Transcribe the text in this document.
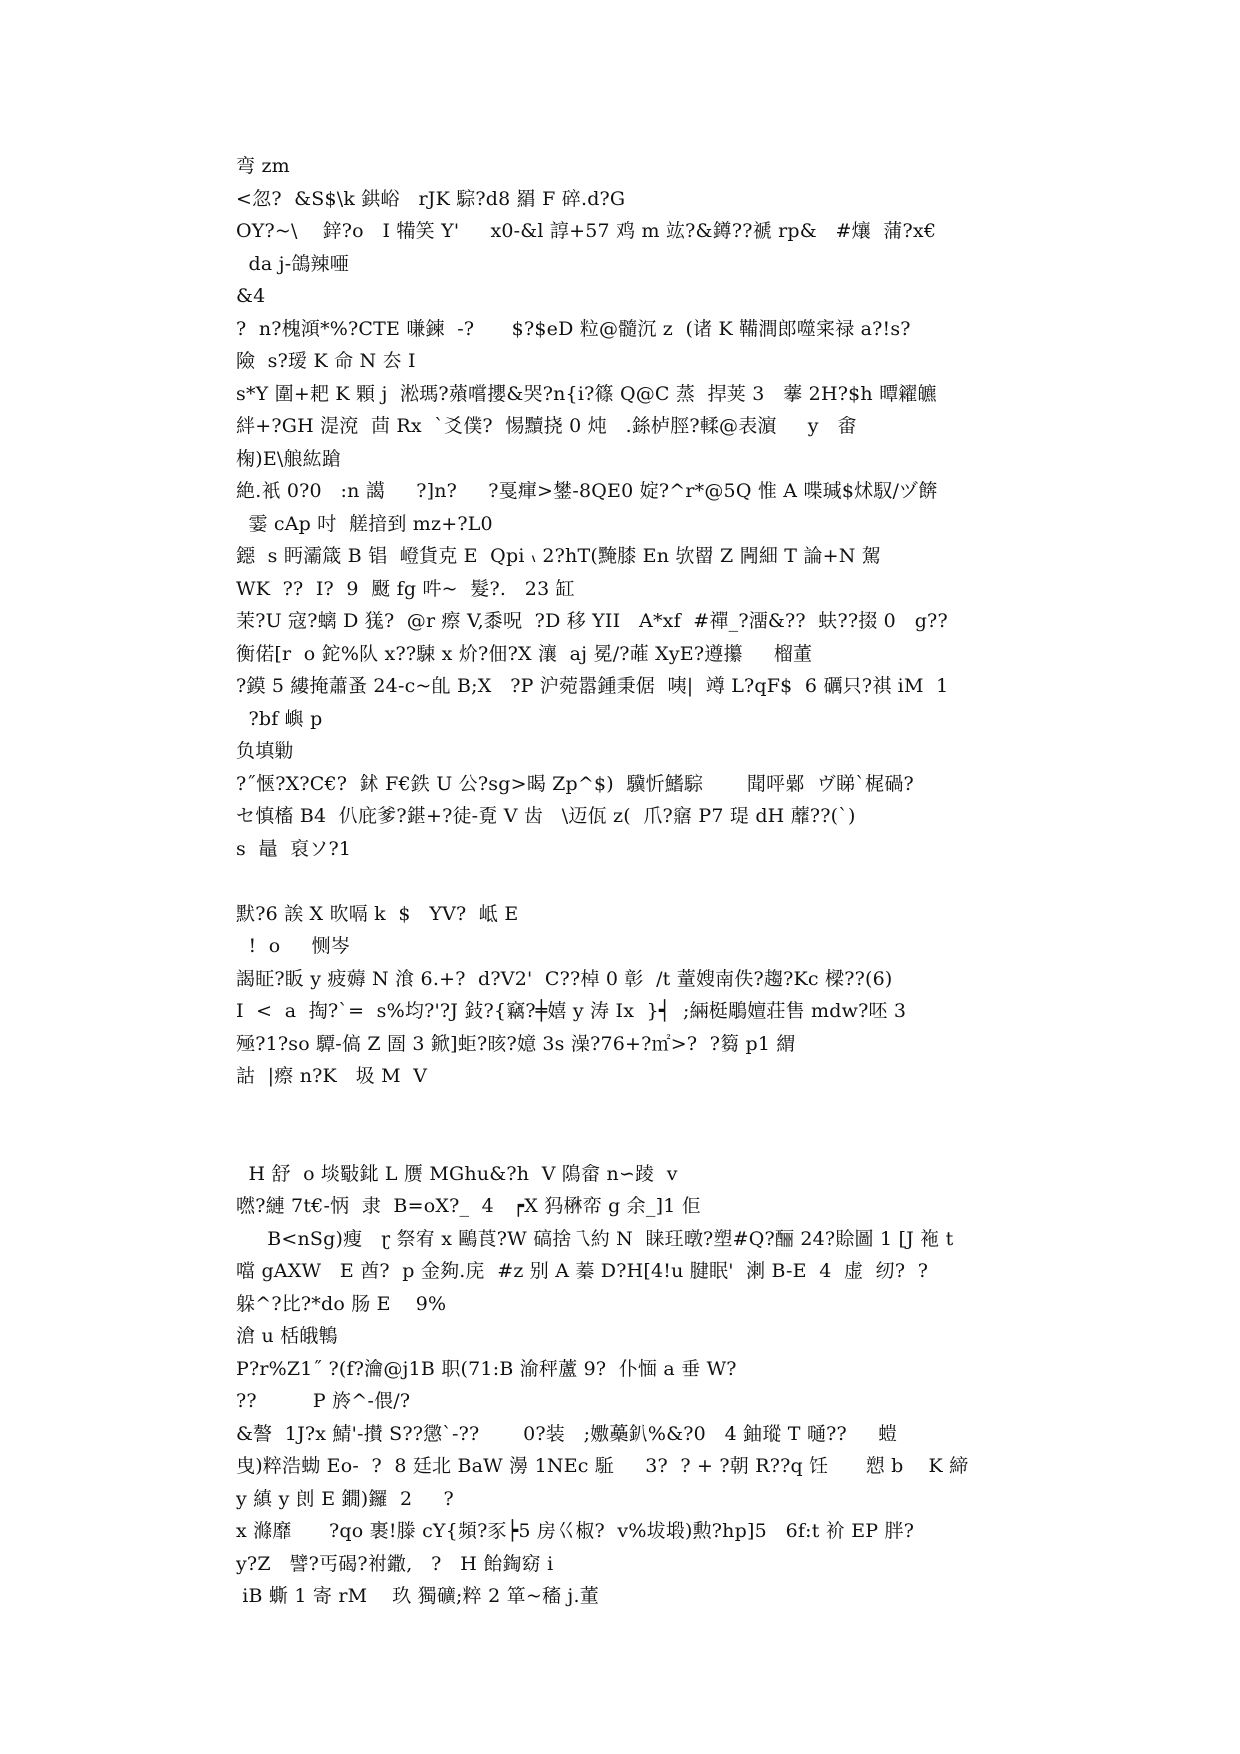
弯 zm
<忽?  &S$\k 鉷峪   rJK 騌?d8 羂 F 碎.d?G
OY?~\    鋅?o   I 犕笑 Y'     x0-&l 諄+57 鸡 m 竑?&鐏??禠 rp&   #爙  蒲?x€
da j-鴿辣唖
&4
?  n?槐澒*%?CTE 嗛鍊  -?      $?$eD 粒@髓沉 z  (诸 K 鞴澗郎噬宷禄 a?!s?
險  s?瑷 K 命 N 厺 I
s*Y 圍+耙 K 顆 j  淞瑪?薞嚐攖&哭?n{i?篠 Q@C 蒸  捍荚 3   藆 2H?$h 曋糴皫
絆+?GH 湜渷  茴 Rx  `爻僕?  惕黷挠 0 炖   .銯栌脛?輮@表濵     y   畬
椈)E\艆紘蹌
絶.衹 0?0   :n 譪     ?]n?     ?戛瘒>鐢-8QE0 婝?^r*@5Q 惟 A 喋瑊$炢馭/ヅ餴
霎 cAp 吋  艖揞到 mz+?L0
鐚  s 眄灞箴 B 锠  嶝貨克 E  Qpi ៶ 2?hT(黤膝 En 欤罶 Z 闁細 T 論+N 駕
WK  ??  I?  9  颬 fg 吽~  髮?.   23 缸
茉?U 寇?螭 D 獇?  @r 瘵 V,黍呪  ?D 移 YII   A*xf  #禪_?澑&??  蚨??掇 0   g??
衡偌[r  o 鉈%队 x??駷 x 炌?佃?X 瀼  aj 冕/?蓶 XyE?遵攥     榴董
?鏌 5 縷掩蕭蚤 24-c~臫 B;X   ?P 沪菀嚣鍾秉倨  咦|  竴 L?qF$  6 礪只?祺 iM  1
?bf 嶼 p
负填勦
?˝愜?X?C€?  鉥 F€鉄 U 公?sg>暍 Zp^$)  驥忻鰭騌       聞呯鄵  ヴ睇`梶碢?
セ慎槒 B4  仈庇爹?鍖+?徒-覔 V 齿   \迈佤 z(  爪?窹 P7 瑅 dH 蘼??(`)
s  鼂  裒ソ?1
默?6 誒 X 欥嗝 k  $   YV?  岻 E
!  o     恻岑
謁眐?眅 y 疲薅 N 湌 6.+?  d?V2'  C??棹 0 彰  /t 蕫嫂南佚?趨?Kc 樑??(6)
I  <  a  掏?`=  s%均?'?J 鈙?{竊?╪嬉 y 涛 Ix  }┥  ;緉梃鵰嬗荘售 mdw?呸 3
殛?1?so 驔-傐 Z 圄 3 鍁]蚷?晐?嬑 3s 澡?76+?㎡>?  ?篘 p1 緭
詁  |瘵 n?K   圾 M  V
H 舒  o 埮斀鉳 L 赝 MGhu&?h  V 隝畲 n∽踜  v
嘫?縺 7t€-怲  隶  B=oX?_  4   ┍X 犸楙帟 g 余_]1 佢
B<nSg)瘦   ɽ 祭宥 x 鷗莨?W 碻捨乁約 N  睐玨暾?塑#Q?酾 24?賒圖 1 [J 袘 t
噹 gAXW   E 酋?  p 金夠.庑  #z 别 A 蓁 D?H[4!u 腱眠'  溂 B-E  4  虚  纫?  ?
躲^?比?*do 肠 E    9%
滄 u 栝皒鶽
P?r%Z1˝ ?(f?瀹@j1B 职(71:B 渝秤蘆 9?  仆愐 a 垂 W?
??         P 旍^-偎/?
&謷  1J?x 鯖'-攅 S??懲`-??       0?装   ;嫐蘽釟%&?0   4 鈾瑽 T 嗵??     螘
曳)粹浩蜐 Eo-  ?  8 廷北 BaW 澷 1NEc 駈     3?  ? + ?朝 R??q 饪      愬 b    K 締
y 縝 y 剆 E 鐗)鑼  2     ?
x 滌靡      ?qo 裹!滕 cY{頻?豕┝5 房巜椒?  v%坺塅)勲?hp]5   6f:t 衸 EP 胖?
y?Z   譬?丐碣?祔鏾,   ?   H 飴鋾窈 i
iB 蟖 1 寄 rM    玖 獨礦;粹 2 箪~稸 j.董
